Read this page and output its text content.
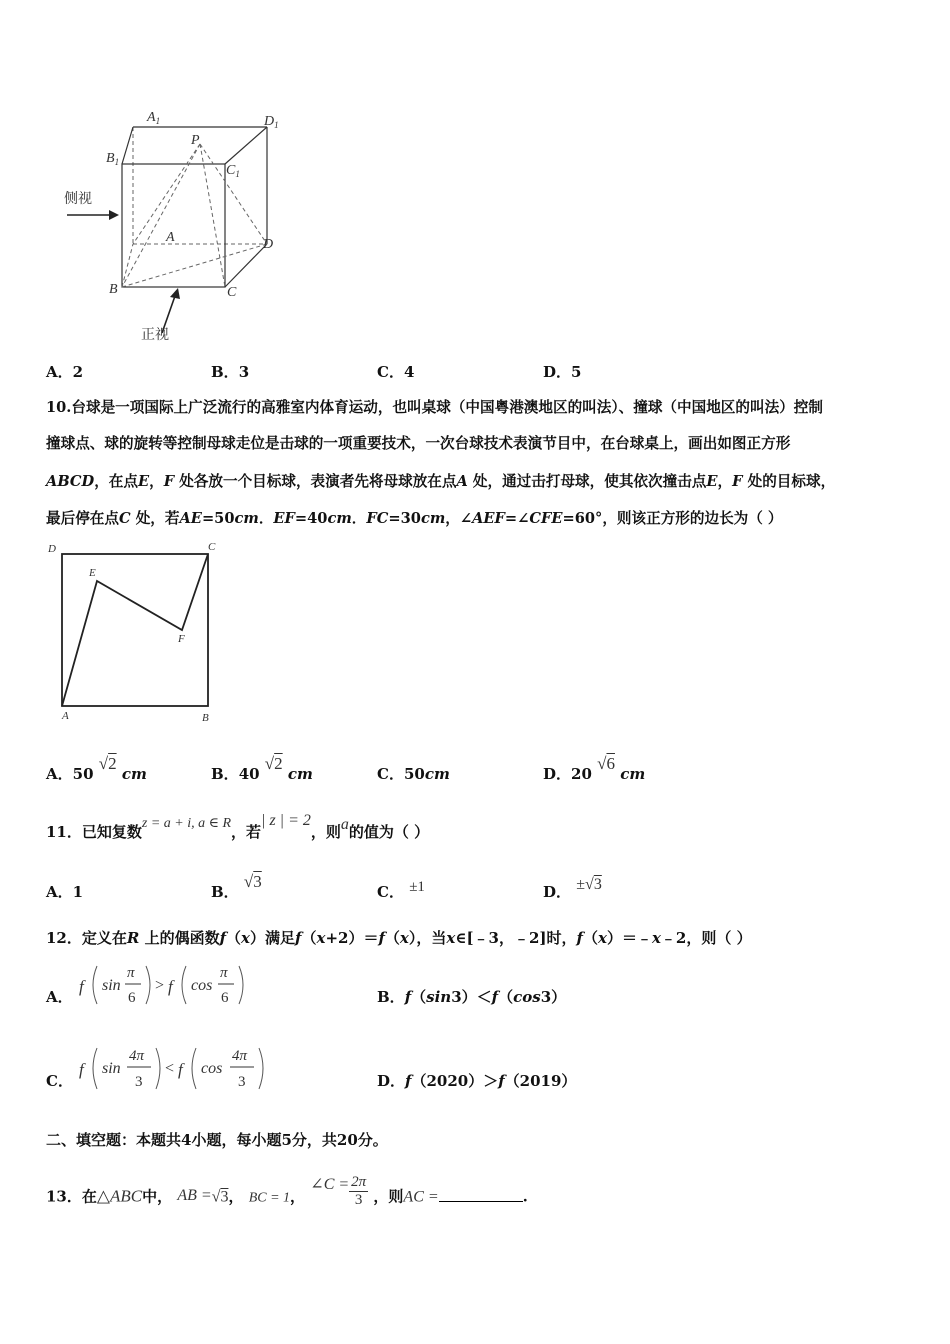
$A_1$	$D_1$
$B_1$
$C_1$
P
A
B	C
D
侧视
正视
A．2	B．3	C．4	D．5
10.台球是一项国际上广泛流行的高雅室内体育运动，也叫桌球（中国粤港澳地区的叫法）、撞球（中国地区的叫法）控制
撞球点、球的旋转等控制母球走位是击球的一项重要技术，一次台球技术表演节目中，在台球桌上，画出如图正方形
ABCD，在点E，F 处各放一个目标球，表演者先将母球放在点A 处，通过击打母球，使其依次撞击点E，F 处的目标球，
最后停在点C 处，若AE=50cm．EF=40cm．FC=30cm，∠AEF=∠CFE=60°，则该正方形的边长为（ ）
D	C
E
F
A	B
A．50 √2 cm	B．40 √2 cm	C．50cm	D．20 √6 cm
11．已知复数z = a + i, a ∈ R，若| z | = 2，则a的值为（ ）
A．1	B． √3
C． ±1	D． ±√3
12．定义在R 上的偶函数f（x）满足f（x+2）＝f（x），当x∈[﹣3，﹣2]时，f（x）＝﹣x﹣2，则（ ）
A．
f sin
π
6
> f cos
π
6	B．f（sin3）＜f（cos3）
C．
f sin
4π
3
< f cos
4π
3	D．f（2020）＞f（2019）
二、填空题：本题共4小题，每小题5分，共20分。
13．在△ABC中， AB =√3， BC = 1， ∠C = $\frac{2\pi}{3}$ ，则AC =	.
